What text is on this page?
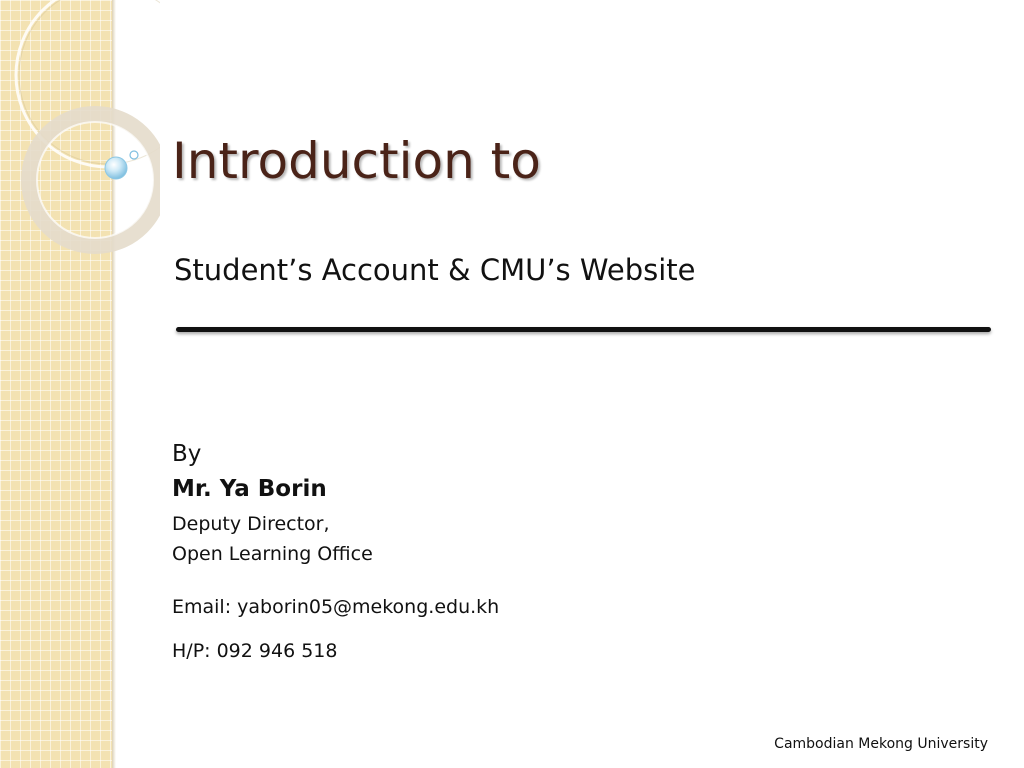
Introduction to
Student’s Account & CMU’s Website
By
Mr. Ya Borin
Deputy Director,
Open Learning Office
Email: yaborin05@mekong.edu.kh
H/P: 092 946 518
Cambodian Mekong University
